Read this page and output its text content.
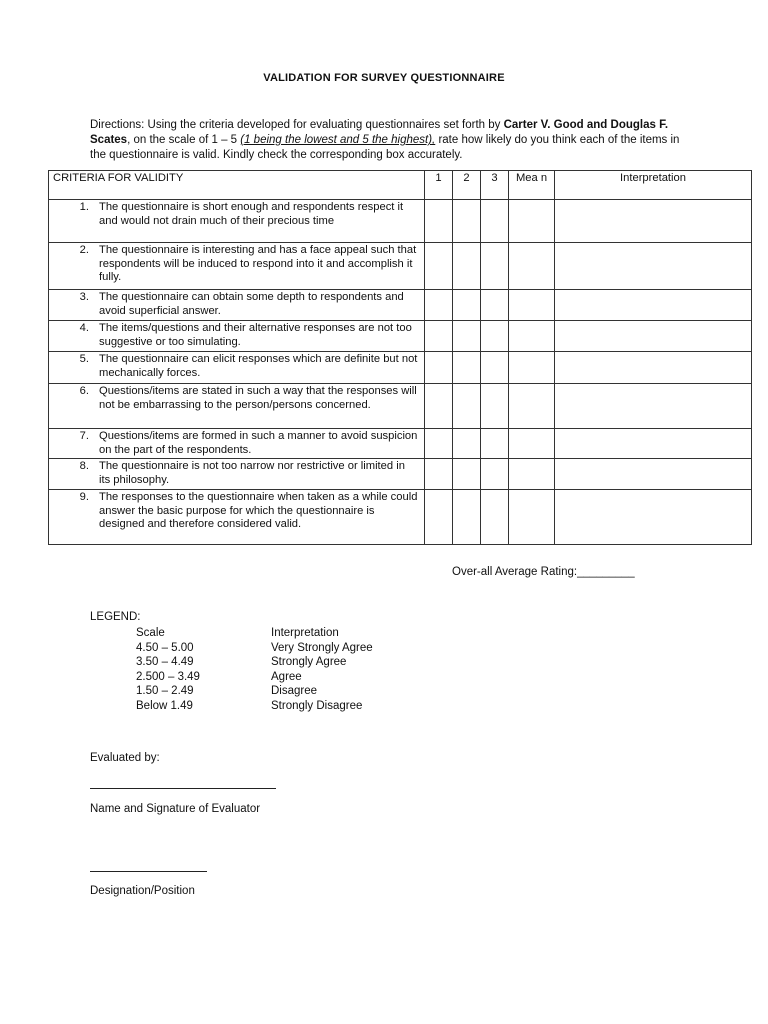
VALIDATION FOR SURVEY QUESTIONNAIRE
Directions: Using the criteria developed for evaluating questionnaires set forth by Carter V. Good and Douglas F. Scates, on the scale of 1 – 5 (1 being the lowest and 5 the highest), rate how likely do you think each of the items in the questionnaire is valid. Kindly check the corresponding box accurately.
CRITERIA FOR VALIDITY	1	2	3	Mea n	Interpretation
1. The questionnaire is short enough and respondents respect it and would not drain much of their precious time					
2. The questionnaire is interesting and has a face appeal such that respondents will be induced to respond into it and accomplish it fully.					
3. The questionnaire can obtain some depth to respondents and avoid superficial answer.					
4. The items/questions and their alternative responses are not too suggestive or too simulating.					
5. The questionnaire can elicit responses which are definite but not mechanically forces.					
6. Questions/items are stated in such a way that the responses will not be embarrassing to the person/persons concerned.					
7. Questions/items are formed in such a manner to avoid suspicion on the part of the respondents.					
8. The questionnaire is not too narrow nor restrictive or limited in its philosophy.					
9. The responses to the questionnaire when taken as a while could answer the basic purpose for which the questionnaire is designed and therefore considered valid.					
Over-all Average Rating:_________
LEGEND:
Scale	Interpretation
4.50 – 5.00	Very Strongly Agree
3.50 – 4.49	Strongly Agree
2.500 – 3.49	Agree
1.50 – 2.49	Disagree
Below 1.49	Strongly Disagree
Evaluated by:
Name and Signature of Evaluator
Designation/Position
